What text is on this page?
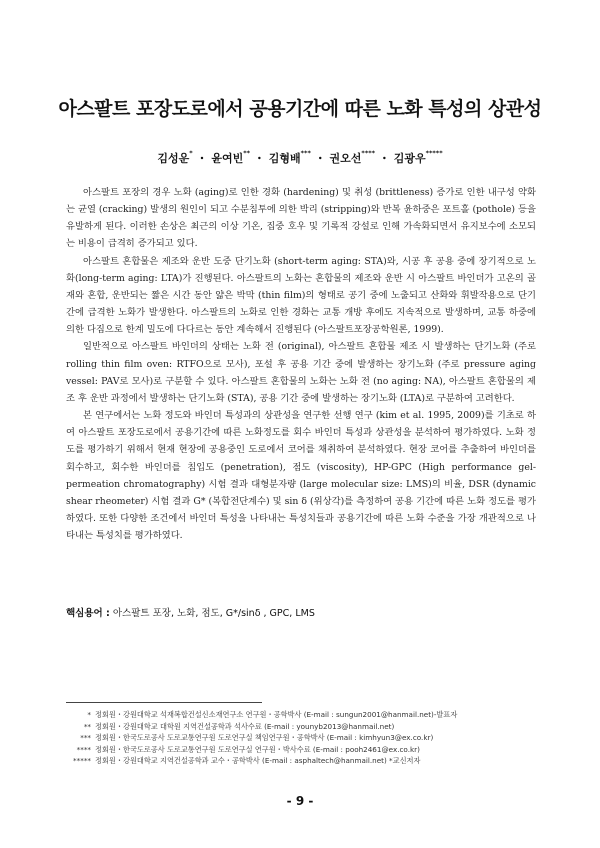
아스팔트 포장도로에서 공용기간에 따른 노화 특성의 상관성
김성운* ・ 윤여빈** ・ 김형배*** ・ 권오선**** ・ 김광우*****

아스팔트 포장의 경우 노화 (aging)로 인한 경화 (hardening) 및 취성 (brittleness) 증가로 인한 내구성 약화는 균열 (cracking) 발생의 원인이 되고 수분침투에 의한 박리 (stripping)와 반복 윤하중은 포트홀 (pothole) 등을 유발하게 된다. 이러한 손상은 최근의 이상 기온, 집중 호우 및 기록적 강설로 인해 가속화되면서 유지보수에 소모되는 비용이 급격히 증가되고 있다.

아스팔트 혼합물은 제조와 운반 도중 단기노화 (short-term aging: STA)와, 시공 후 공용 중에 장기적으로 노화(long-term aging: LTA)가 진행된다. 아스팔트의 노화는 혼합물의 제조와 운반 시 아스팔트 바인더가 고온의 골재와 혼합, 운반되는 짧은 시간 동안 얇은 박막 (thin film)의 형태로 공기 중에 노출되고 산화와 휘발작용으로 단기간에 급격한 노화가 발생한다. 아스팔트의 노화로 인한 경화는 교통 개방 후에도 지속적으로 발생하며, 교통 하중에 의한 다짐으로 한계 밀도에 다다르는 동안 계속해서 진행된다 (아스팔트포장공학원론, 1999).

일반적으로 아스팔트 바인더의 상태는 노화 전 (original), 아스팔트 혼합물 제조 시 발생하는 단기노화 (주로 rolling thin film oven: RTFO으로 모사), 포설 후 공용 기간 중에 발생하는 장기노화 (주로 pressure aging vessel: PAV로 모사)로 구분할 수 있다. 아스팔트 혼합물의 노화는 노화 전 (no aging: NA), 아스팔트 혼합물의 제조 후 운반 과정에서 발생하는 단기노화 (STA), 공용 기간 중에 발생하는 장기노화 (LTA)로 구분하여 고려한다.

본 연구에서는 노화 정도와 바인더 특성과의 상관성을 연구한 선행 연구 (kim et al. 1995, 2009)를 기초로 하여 아스팔트 포장도로에서 공용기간에 따른 노화정도를 회수 바인더 특성과 상관성을 분석하여 평가하였다. 노화 정도를 평가하기 위해서 현재 현장에 공용중인 도로에서 코어를 채취하여 분석하였다. 현장 코어를 추출하여 바인더를 회수하고, 회수한 바인더를 침입도 (penetration), 점도 (viscosity), HP-GPC (High performance gel-permeation chromatography) 시험 결과 대형분자량 (large molecular size: LMS)의 비율, DSR (dynamic shear rheometer) 시험 결과 G* (복합전단계수) 및 sin δ (위상각)를 측정하여 공용 기간에 따른 노화 정도를 평가하였다. 또한 다양한 조건에서 바인더 특성을 나타내는 특성치들과 공용기간에 따른 노화 수준을 가장 개관적으로 나타내는 특성치를 평가하였다.

핵심용어 : 아스팔트 포장, 노화, 점도, G*/sinδ , GPC, LMS
* 정회원・강원대학교 석재복합건설신소재연구소 연구원・공학박사 (E-mail : sungun2001@hanmail.net)-발표자
** 정회원・강원대학교 대학원 지역건설공학과 석사수료 (E-mail : younyb2013@hanmail.net)
*** 정회원・한국도로공사 도로교통연구원 도로연구실 책임연구원・공학박사 (E-mail : kimhyun3@ex.co.kr)
**** 정회원・한국도로공사 도로교통연구원 도로연구실 연구원・박사수료 (E-mail : pooh2461@ex.co.kr)
***** 정회원・강원대학교 지역건설공학과 교수・공학박사 (E-mail : asphaltech@hanmail.net) *교신저자
- 9 -
